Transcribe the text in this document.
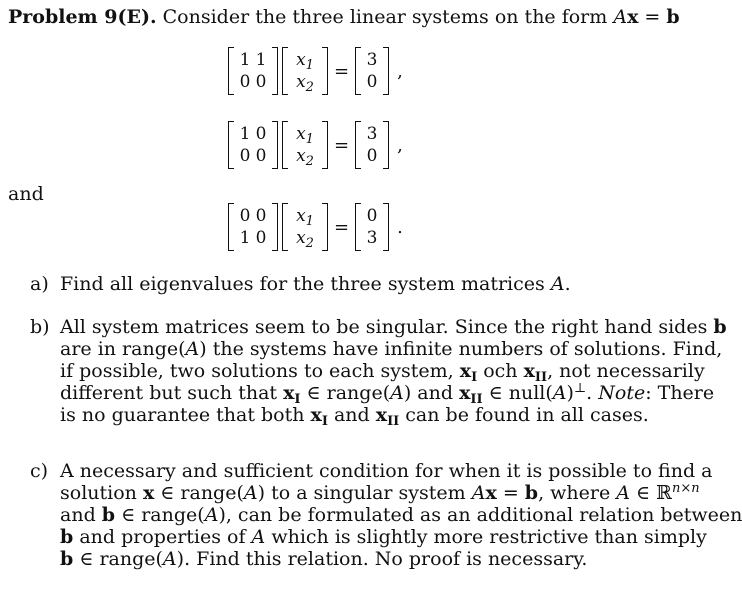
Problem 9(E). Consider the three linear systems on the form Ax = b
1 1
0 0
$x_1$
$x_2$
=
3
0
,
1 0
0 0
$x_1$
$x_2$
=
3
0
,
and
0 0
1 0
$x_1$
$x_2$
=
0
3
.
a) Find all eigenvalues for the three system matrices A.
b) All system matrices seem to be singular. Since the right hand sides b
are in range(A) the systems have infinite numbers of solutions. Find,
if possible, two solutions to each system, $x_I$ och $x_{II}$, not necessarily
different but such that $x_I$ ∈ range(A) and $x_{II}$ ∈ null(A)⊥. Note: There
is no guarantee that both $x_I$ and $x_{II}$ can be found in all cases.
c) A necessary and sufficient condition for when it is possible to find a
solution x ∈ range(A) to a singular system Ax = b, where A ∈ ℝ$^{n\times n}$
and b ∈ range(A), can be formulated as an additional relation between
b and properties of A which is slightly more restrictive than simply
b ∈ range(A). Find this relation. No proof is necessary.
